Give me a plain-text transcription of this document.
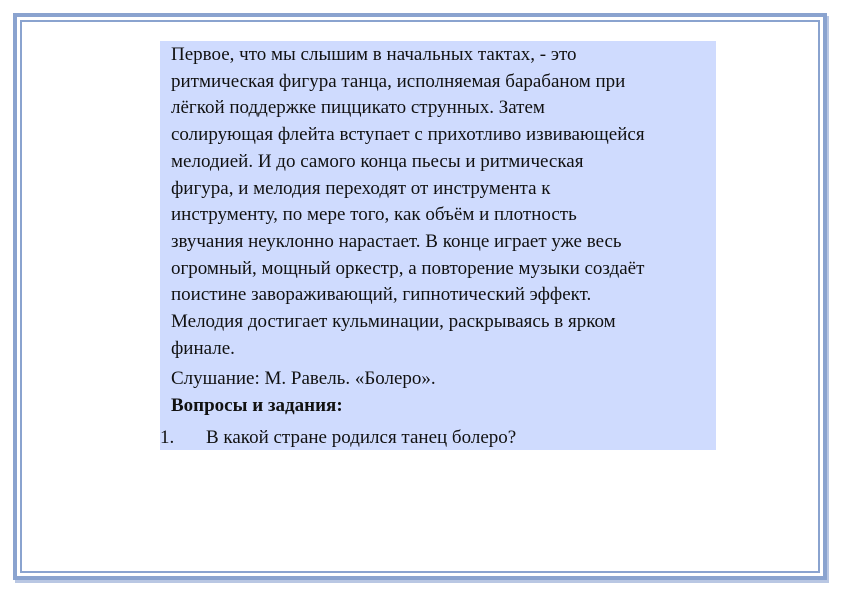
Первое, что мы слышим в начальных тактах, - это
ритмическая фигура танца, исполняемая барабаном при
лёгкой поддержке пиццикато струнных. Затем
солирующая флейта вступает с прихотливо извивающейся
мелодией. И до самого конца пьесы и ритмическая
фигура, и мелодия переходят от инструмента к
инструменту, по мере того, как объём и плотность
звучания неуклонно нарастает. В конце играет уже весь
огромный, мощный оркестр, а повторение музыки создаёт
поистине завораживающий, гипнотический эффект.
Мелодия достигает кульминации, раскрываясь в ярком
финале.

Слушание: М. Равель. «Болеро».

Вопросы и задания:

1. В какой стране родился танец болеро?
